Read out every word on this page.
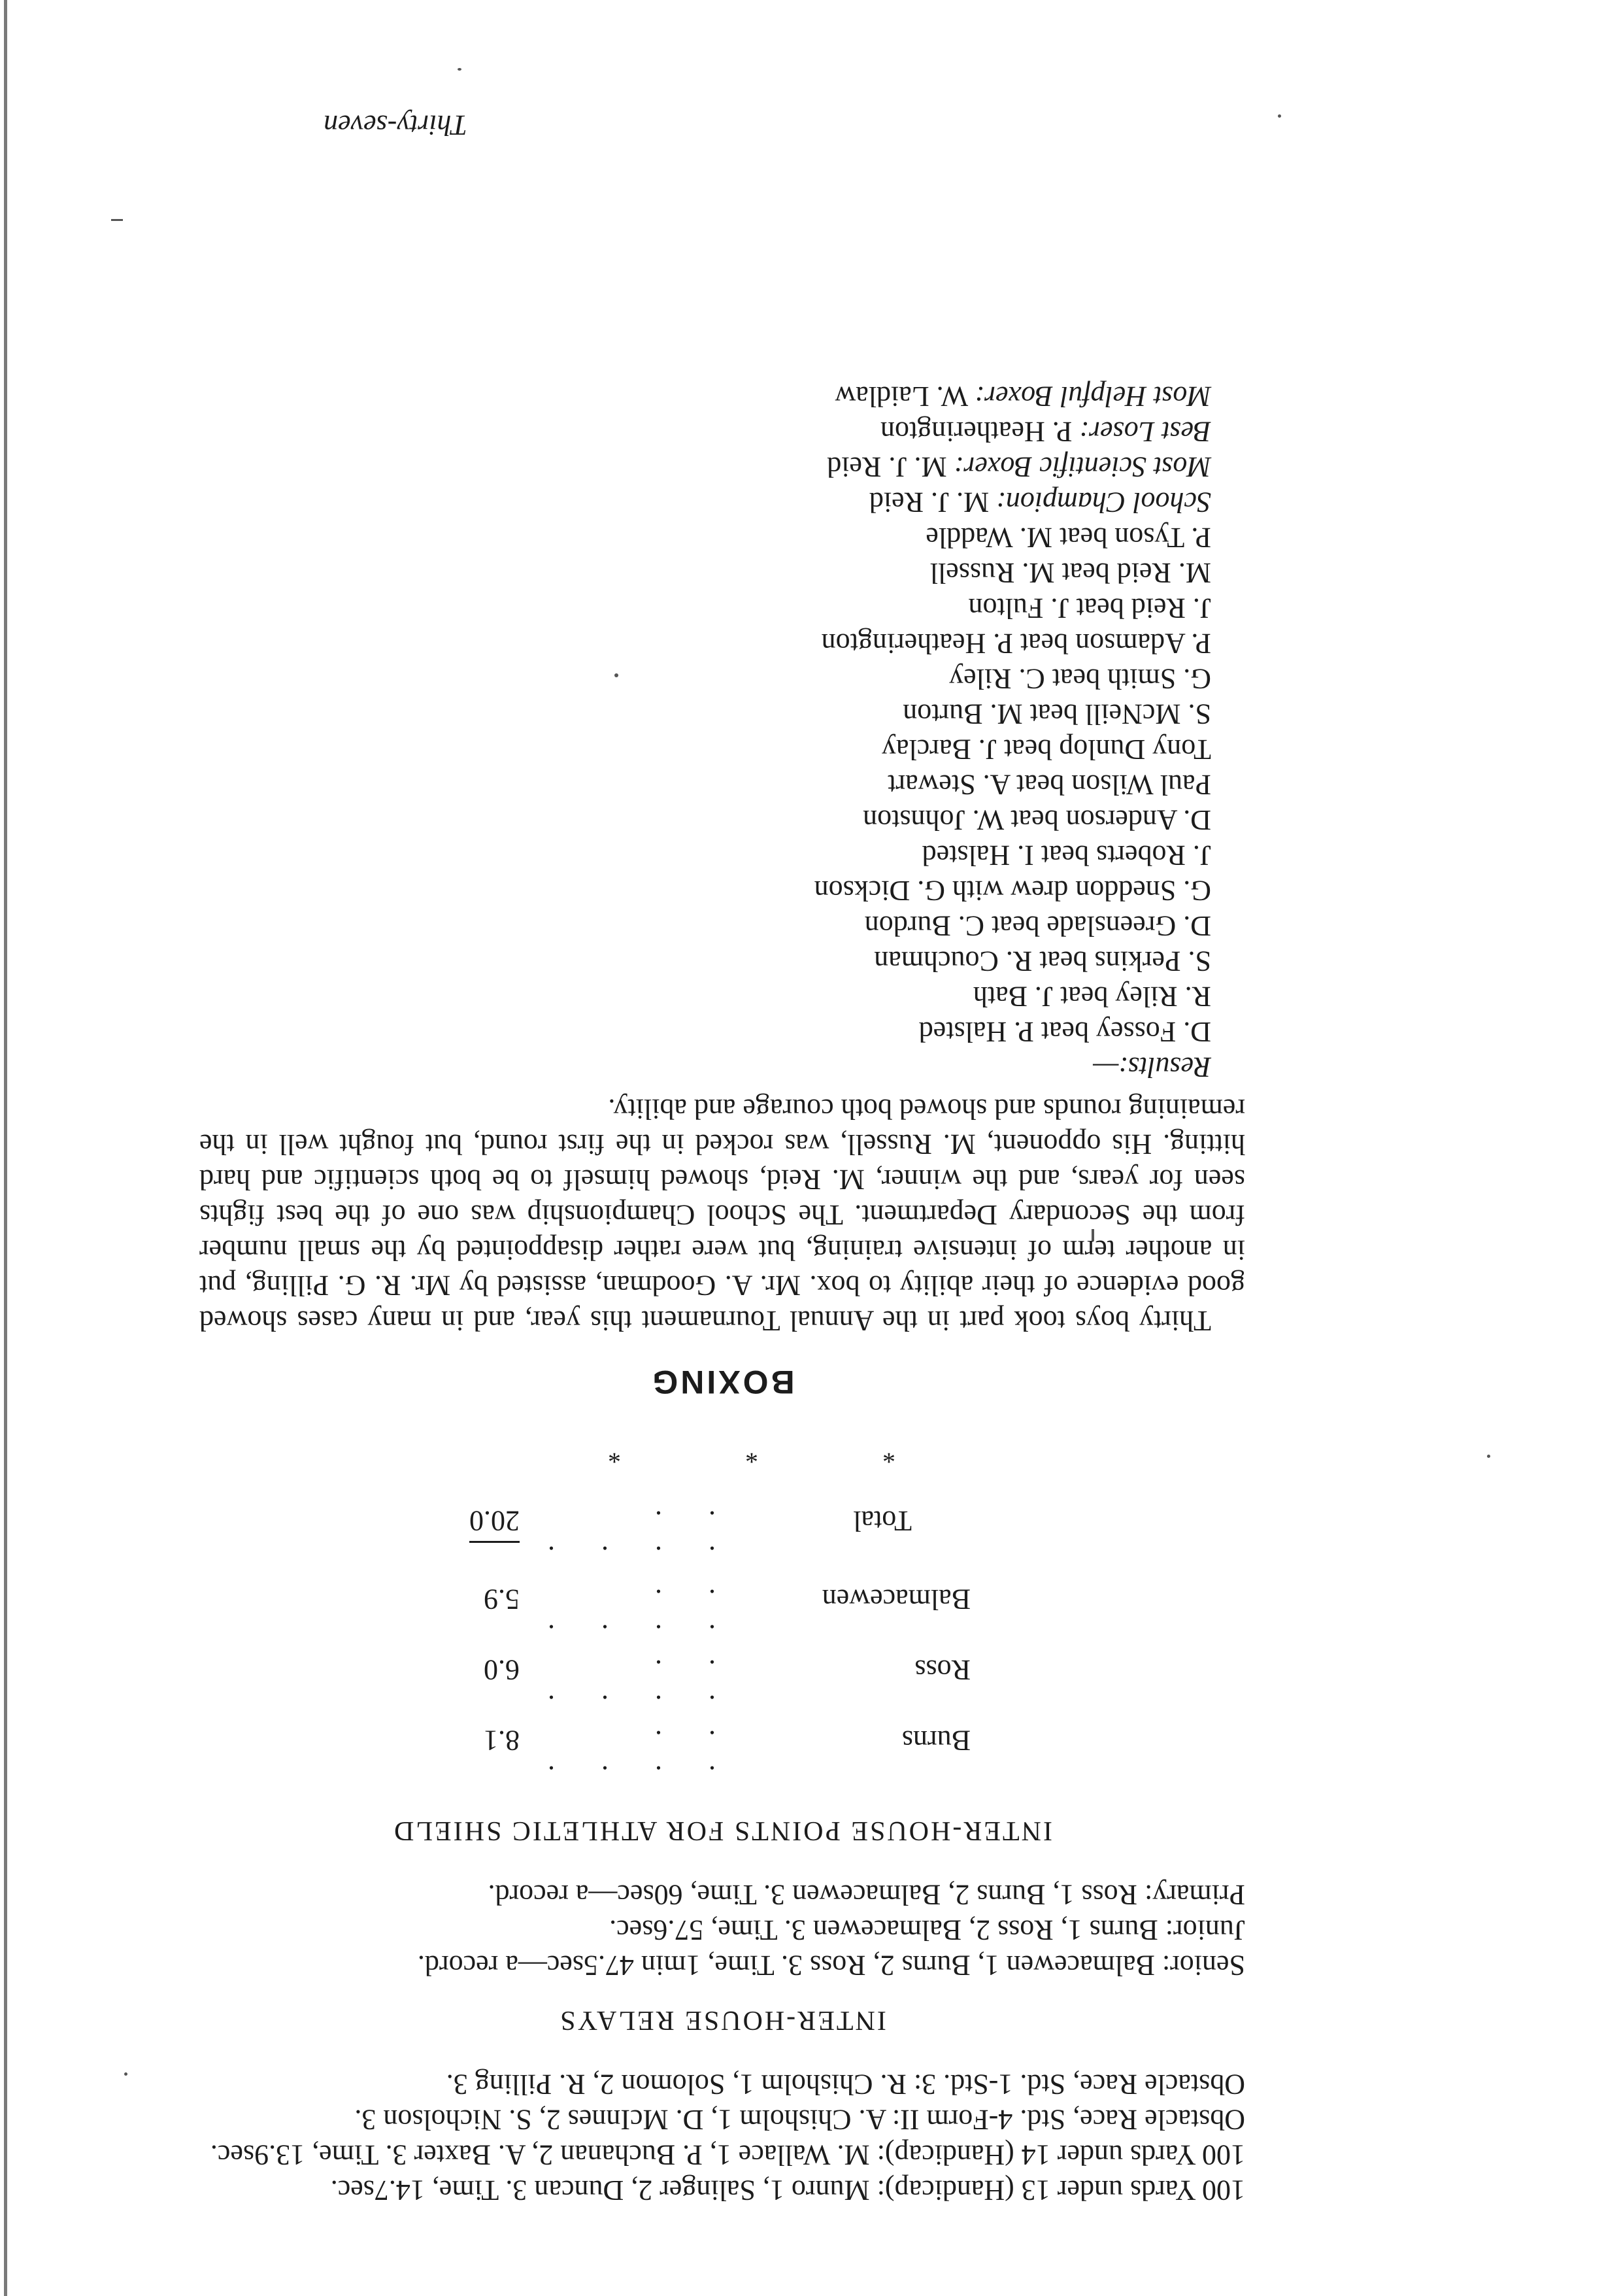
100 Yards under 13 (Handicap): Munro 1, Salinger 2, Duncan 3. Time, 14.7sec.

100 Yards under 14 (Handicap): M. Wallace 1, P. Buchanan 2, A. Baxter 3. Time, 13.9sec.

Obstacle Race, Std. 4-Form II: A. Chisholm 1, D. McInnes 2, S. Nicholson 3.

Obstacle Race, Std. 1-Std. 3: R. Chisholm 1, Solomon 2, R. Pilling 3.

INTER-HOUSE RELAYS

Senior: Balmacewen 1, Burns 2, Ross 3. Time, 1min 47.5sec—a record.

Junior: Burns 1, Ross 2, Balmacewen 3. Time, 57.6sec.

Primary: Ross 1, Burns 2, Balmacewen 3. Time, 60sec—a record.

INTER-HOUSE POINTS FOR ATHLETIC SHIELD
Burns	. . . . . .	8.1
Ross	. . . . . .	6.0
Balmacewen	. . . . . .	5.9
Total	. . . . . .	20.0
* * *
BOXING

Thirty boys took part in the Annual Tournament this year, and in many cases showed good evidence of their ability to box. Mr. A. Goodman, assisted by Mr. R. G. Pilling, put in another term of intensive training, but were rather disappointed by the small number from the Secondary Department. The School Championship was one of the best fights seen for years, and the winner, M. Reid, showed himself to be both scientific and hard hitting. His opponent, M. Russell, was rocked in the first round, but fought well in the remaining rounds and showed both courage and ability.

Results:—

D. Fossey beat P. Halsted
R. Riley beat J. Bath
S. Perkins beat R. Couchman
D. Greenslade beat C. Burdon
G. Sneddon drew with G. Dickson
J. Roberts beat I. Halsted
D. Anderson beat W. Johnston
Paul Wilson beat A. Stewart
Tony Dunlop beat J. Barclay
S. McNeill beat M. Burton
G. Smith beat C. Riley
P. Adamson beat P. Heatherington
J. Reid beat J. Fulton
M. Reid beat M. Russell
P. Tyson beat M. Waddle

School Champion: M. J. Reid

Most Scientific Boxer: M. J. Reid

Best Loser: P. Heatherington

Most Helpful Boxer: W. Laidlaw

Thirty-seven
